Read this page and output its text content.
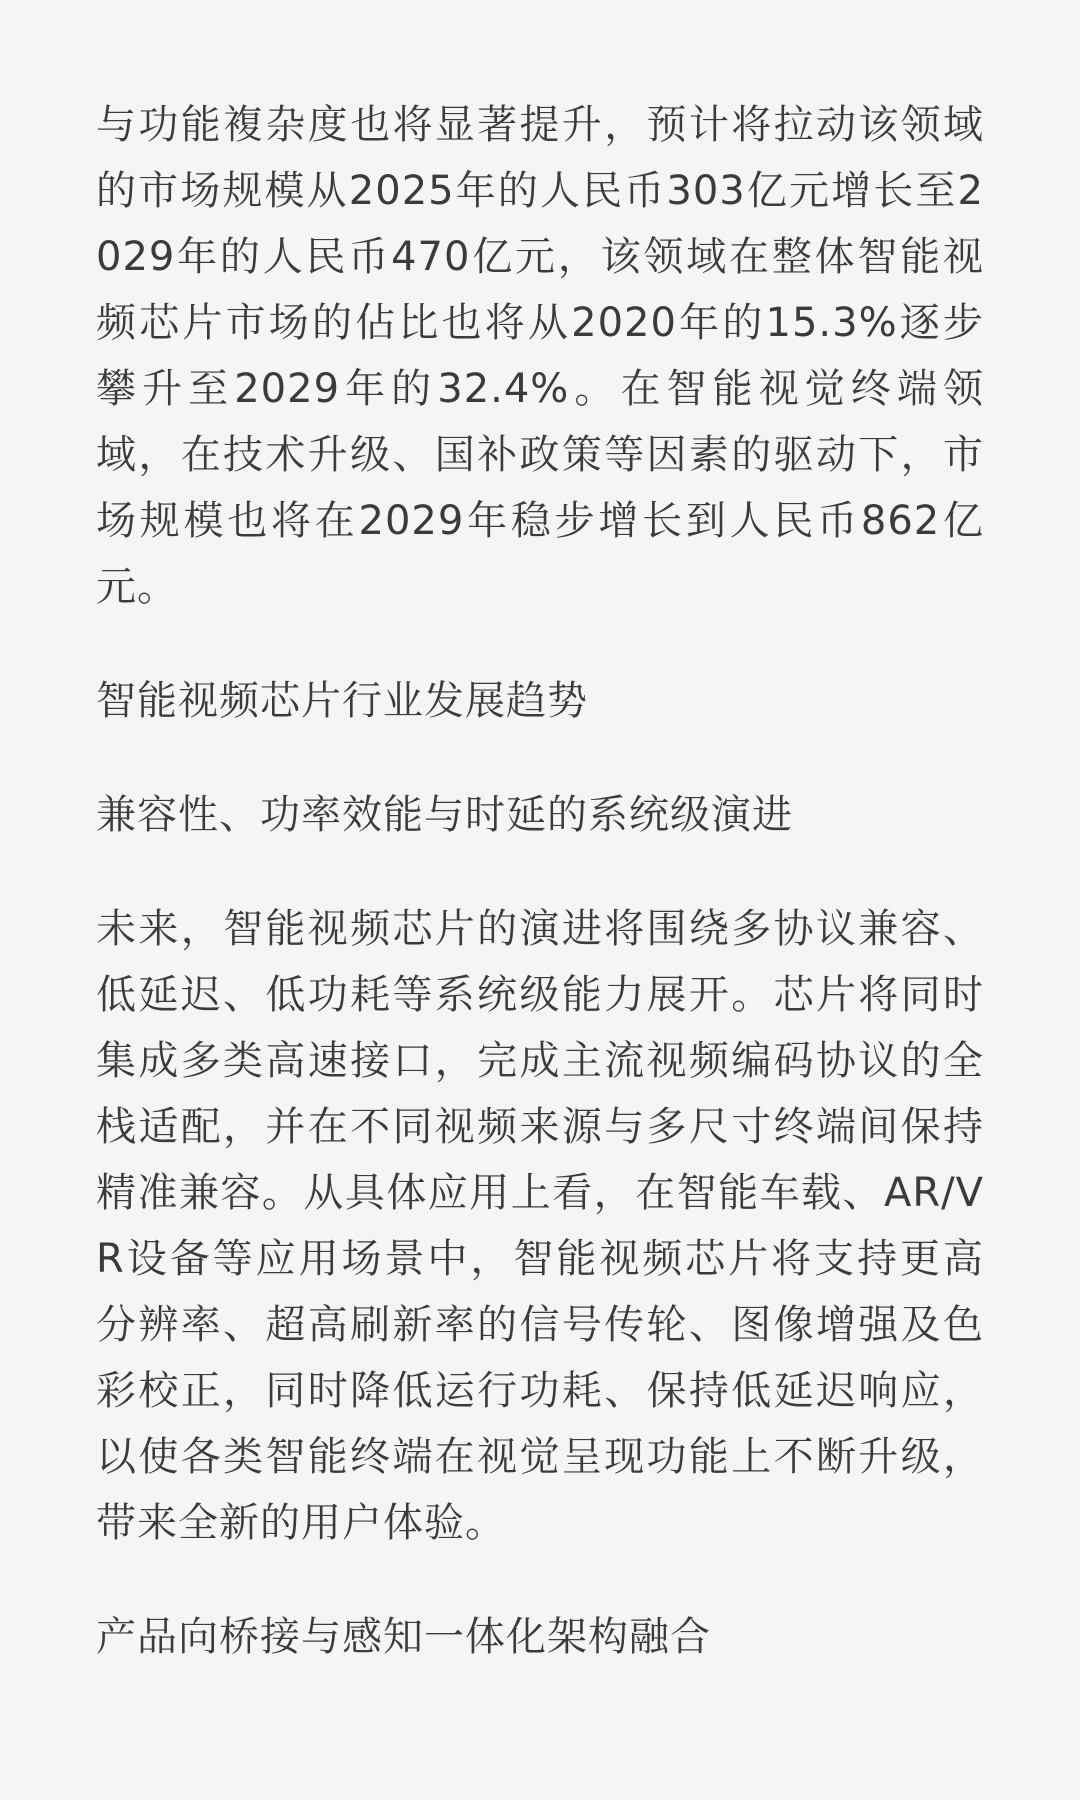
与功能複杂度也将显著提升，预计将拉动该领域的市场规模从2025年的人民币303亿元增长至2029年的人民币470亿元，该领域在整体智能视频芯片市场的佔比也将从2020年的15.3%逐步攀升至2029年的32.4%。在智能视觉终端领域，在技术升级、国补政策等因素的驱动下，市场规模也将在2029年稳步增长到人民币862亿元。

智能视频芯片行业发展趋势
兼容性、功率效能与时延的系统级演进

未来，智能视频芯片的演进将围绕多协议兼容、低延迟、低功耗等系统级能力展开。芯片将同时集成多类高速接口，完成主流视频编码协议的全栈适配，并在不同视频来源与多尺寸终端间保持精准兼容。从具体应用上看，在智能车载、AR/VR设备等应用场景中，智能视频芯片将支持更高分辨率、超高刷新率的信号传轮、图像增强及色彩校正，同时降低运行功耗、保持低延迟响应，以使各类智能终端在视觉呈现功能上不断升级，带来全新的用户体验。

产品向桥接与感知一体化架构融合
